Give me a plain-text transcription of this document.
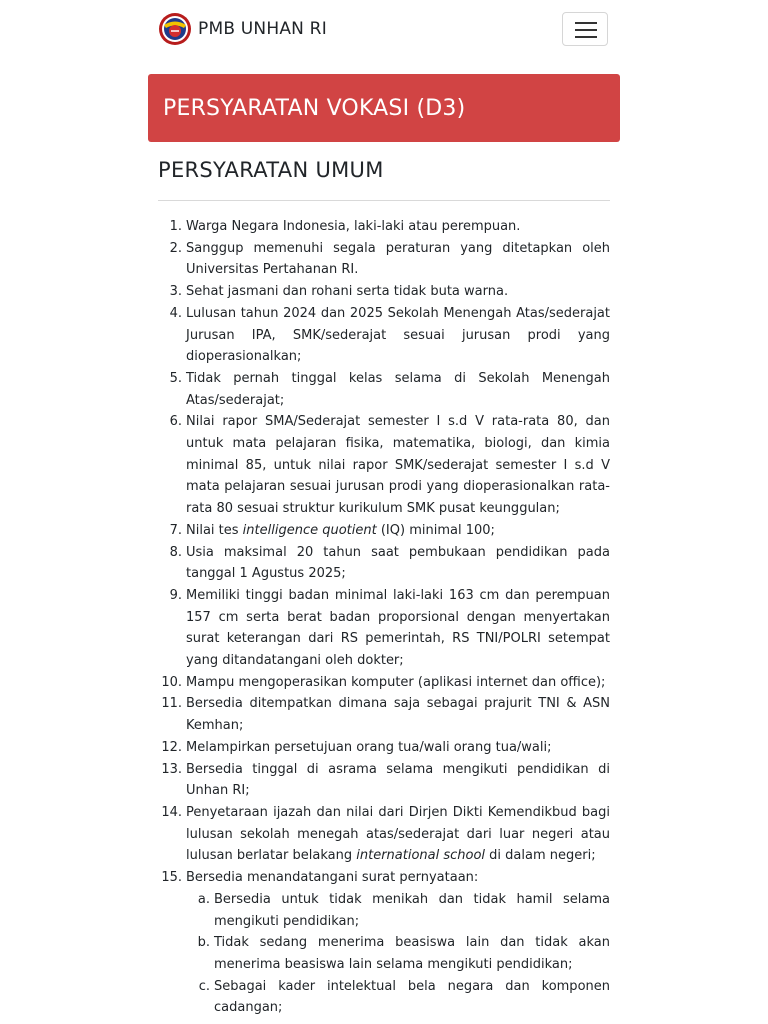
PMB UNHAN RI
PERSYARATAN VOKASI (D3)
PERSYARATAN UMUM
1. Warga Negara Indonesia, laki-laki atau perempuan.
2. Sanggup memenuhi segala peraturan yang ditetapkan oleh Universitas Pertahanan RI.
3. Sehat jasmani dan rohani serta tidak buta warna.
4. Lulusan tahun 2024 dan 2025 Sekolah Menengah Atas/sederajat Jurusan IPA, SMK/sederajat sesuai jurusan prodi yang dioperasionalkan;
5. Tidak pernah tinggal kelas selama di Sekolah Menengah Atas/sederajat;
6. Nilai rapor SMA/Sederajat semester I s.d V rata-rata 80, dan untuk mata pelajaran fisika, matematika, biologi, dan kimia minimal 85, untuk nilai rapor SMK/sederajat semester I s.d V mata pelajaran sesuai jurusan prodi yang dioperasionalkan rata-rata 80 sesuai struktur kurikulum SMK pusat keunggulan;
7. Nilai tes intelligence quotient (IQ) minimal 100;
8. Usia maksimal 20 tahun saat pembukaan pendidikan pada tanggal 1 Agustus 2025;
9. Memiliki tinggi badan minimal laki-laki 163 cm dan perempuan 157 cm serta berat badan proporsional dengan menyertakan surat keterangan dari RS pemerintah, RS TNI/POLRI setempat yang ditandatangani oleh dokter;
10. Mampu mengoperasikan komputer (aplikasi internet dan office);
11. Bersedia ditempatkan dimana saja sebagai prajurit TNI & ASN Kemhan;
12. Melampirkan persetujuan orang tua/wali orang tua/wali;
13. Bersedia tinggal di asrama selama mengikuti pendidikan di Unhan RI;
14. Penyetaraan ijazah dan nilai dari Dirjen Dikti Kemendikbud bagi lulusan sekolah menegah atas/sederajat dari luar negeri atau lulusan berlatar belakang international school di dalam negeri;
15. Bersedia menandatangani surat pernyataan:
a. Bersedia untuk tidak menikah dan tidak hamil selama mengikuti pendidikan;
b. Tidak sedang menerima beasiswa lain dan tidak akan menerima beasiswa lain selama mengikuti pendidikan;
c. Sebagai kader intelektual bela negara dan komponen cadangan;
